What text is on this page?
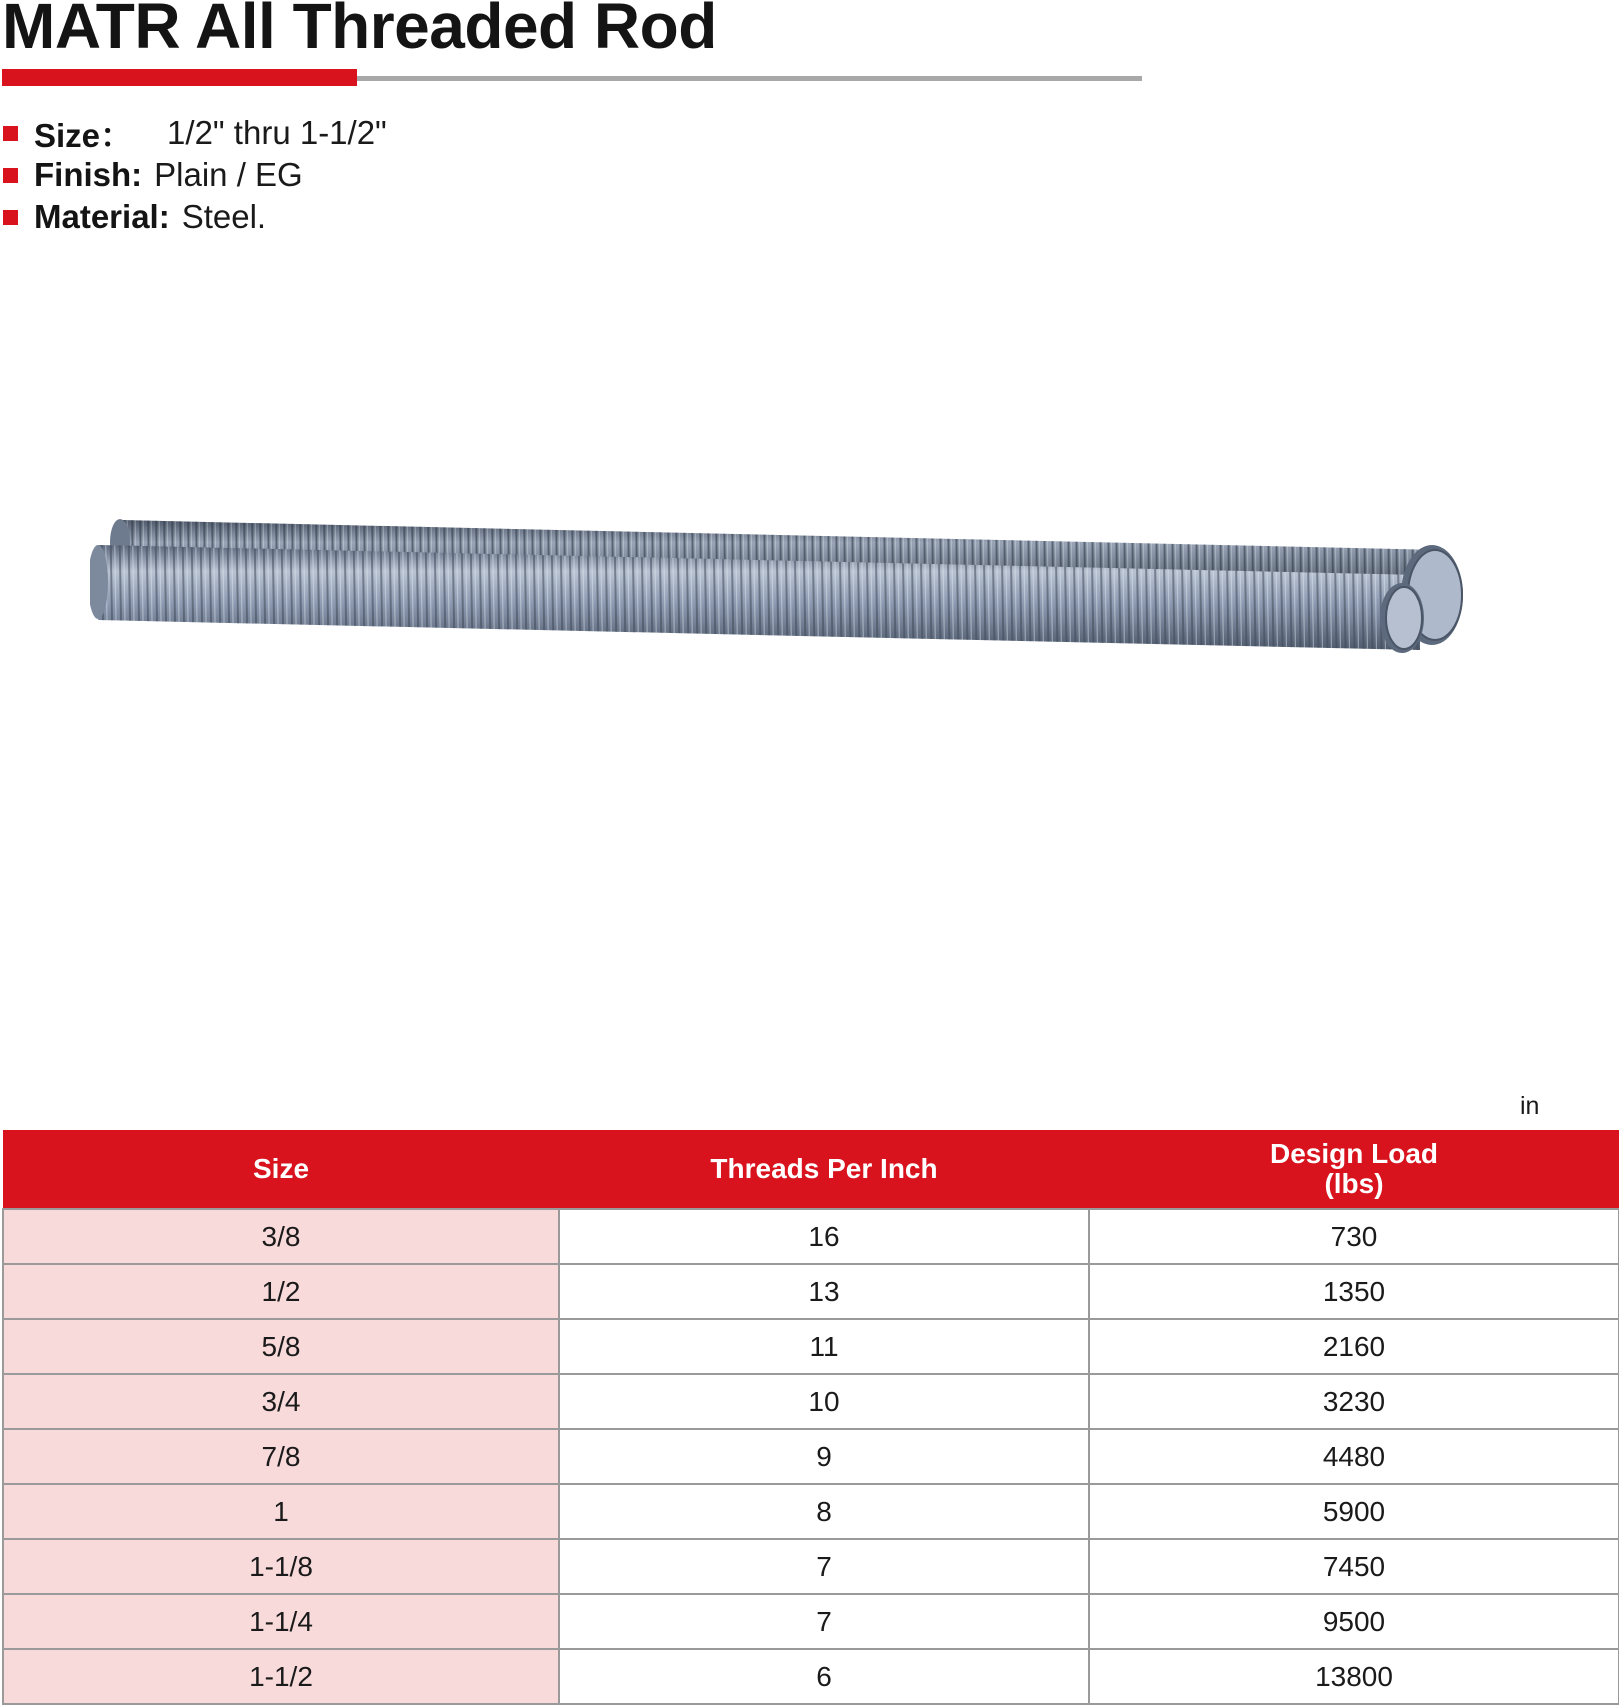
MATR All Threaded Rod
Size： 1/2" thru 1-1/2"
Finish: Plain / EG
Material: Steel.
in
Size	Threads Per Inch	Design Load
(lbs)

3/8	16	730
1/2	13	1350
5/8	11	2160
3/4	10	3230
7/8	9	4480
1	8	5900
1-1/8	7	7450
1-1/4	7	9500
1-1/2	6	13800
